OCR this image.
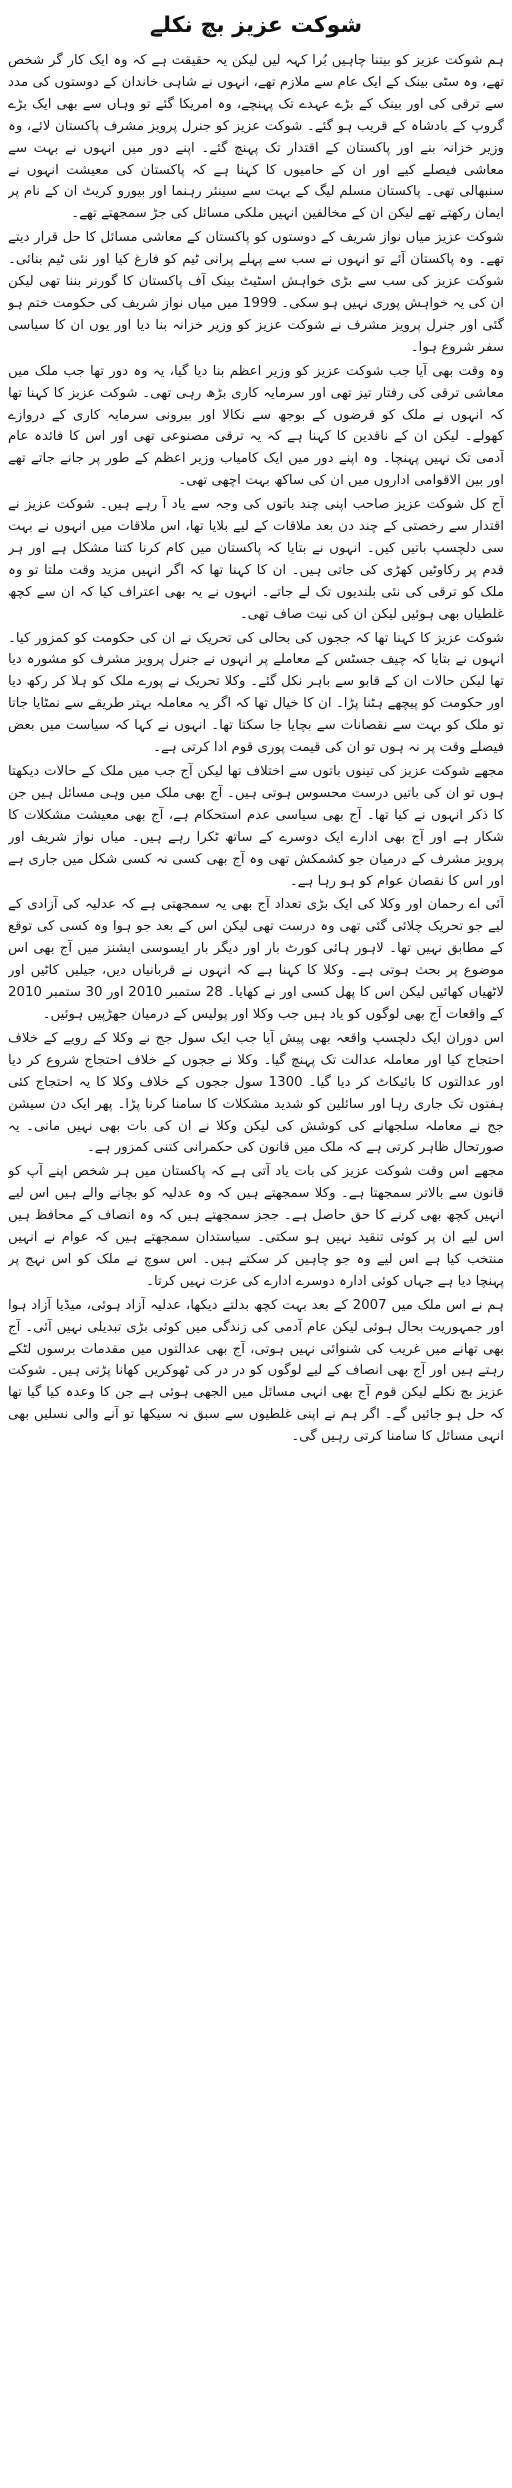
شوکت عزیز بچ نکلے

ہم شوکت عزیز کو بیتنا چاہیں بُرا کہہ لیں لیکن یہ حقیقت ہے کہ وہ ایک کار گر شخص تھے، وہ سٹی بینک کے ایک عام سے ملازم تھے، انہوں نے شاہی خاندان کے دوستوں کی مدد سے ترقی کی اور بینک کے بڑے عہدے تک پہنچے، وہ امریکا گئے تو وہاں سے بھی ایک بڑے گروپ کے بادشاہ کے قریب ہو گئے۔ شوکت عزیز کو جنرل پرویز مشرف پاکستان لائے، وہ وزیر خزانہ بنے اور پاکستان کے اقتدار تک پہنچ گئے۔ اپنے دور میں انہوں نے بہت سے معاشی فیصلے کیے اور ان کے حامیوں کا کہنا ہے کہ پاکستان کی معیشت انہوں نے سنبھالی تھی۔ پاکستان مسلم لیگ کے بہت سے سینئر رہنما اور بیورو کریٹ ان کے نام پر ایمان رکھتے تھے لیکن ان کے مخالفین انہیں ملکی مسائل کی جڑ سمجھتے تھے۔

شوکت عزیز میاں نواز شریف کے دوستوں کو پاکستان کے معاشی مسائل کا حل قرار دیتے تھے۔ وہ پاکستان آئے تو انہوں نے سب سے پہلے پرانی ٹیم کو فارغ کیا اور نئی ٹیم بنائی۔ شوکت عزیز کی سب سے بڑی خواہش اسٹیٹ بینک آف پاکستان کا گورنر بننا تھی لیکن ان کی یہ خواہش پوری نہیں ہو سکی۔ 1999 میں میاں نواز شریف کی حکومت ختم ہو گئی اور جنرل پرویز مشرف نے شوکت عزیز کو وزیر خزانہ بنا دیا اور یوں ان کا سیاسی سفر شروع ہوا۔

وہ وقت بھی آیا جب شوکت عزیز کو وزیر اعظم بنا دیا گیا، یہ وہ دور تھا جب ملک میں معاشی ترقی کی رفتار تیز تھی اور سرمایہ کاری بڑھ رہی تھی۔ شوکت عزیز کا کہنا تھا کہ انہوں نے ملک کو قرضوں کے بوجھ سے نکالا اور بیرونی سرمایہ کاری کے دروازے کھولے۔ لیکن ان کے ناقدین کا کہنا ہے کہ یہ ترقی مصنوعی تھی اور اس کا فائدہ عام آدمی تک نہیں پہنچا۔ وہ اپنے دور میں ایک کامیاب وزیر اعظم کے طور پر جانے جاتے تھے اور بین الاقوامی اداروں میں ان کی ساکھ بہت اچھی تھی۔

آج کل شوکت عزیز صاحب اپنی چند باتوں کی وجہ سے یاد آ رہے ہیں۔ شوکت عزیز نے اقتدار سے رخصتی کے چند دن بعد ملاقات کے لیے بلایا تھا، اس ملاقات میں انہوں نے بہت سی دلچسپ باتیں کیں۔ انہوں نے بتایا کہ پاکستان میں کام کرنا کتنا مشکل ہے اور ہر قدم پر رکاوٹیں کھڑی کی جاتی ہیں۔ ان کا کہنا تھا کہ اگر انہیں مزید وقت ملتا تو وہ ملک کو ترقی کی نئی بلندیوں تک لے جاتے۔ انہوں نے یہ بھی اعتراف کیا کہ ان سے کچھ غلطیاں بھی ہوئیں لیکن ان کی نیت صاف تھی۔

شوکت عزیز کا کہنا تھا کہ ججوں کی بحالی کی تحریک نے ان کی حکومت کو کمزور کیا۔ انہوں نے بتایا کہ چیف جسٹس کے معاملے پر انہوں نے جنرل پرویز مشرف کو مشورہ دیا تھا لیکن حالات ان کے قابو سے باہر نکل گئے۔ وکلا تحریک نے پورے ملک کو ہلا کر رکھ دیا اور حکومت کو پیچھے ہٹنا پڑا۔ ان کا خیال تھا کہ اگر یہ معاملہ بہتر طریقے سے نمٹایا جاتا تو ملک کو بہت سے نقصانات سے بچایا جا سکتا تھا۔ انہوں نے کہا کہ سیاست میں بعض فیصلے وقت پر نہ ہوں تو ان کی قیمت پوری قوم ادا کرتی ہے۔

مجھے شوکت عزیز کی تینوں باتوں سے اختلاف تھا لیکن آج جب میں ملک کے حالات دیکھتا ہوں تو ان کی باتیں درست محسوس ہوتی ہیں۔ آج بھی ملک میں وہی مسائل ہیں جن کا ذکر انہوں نے کیا تھا۔ آج بھی سیاسی عدم استحکام ہے، آج بھی معیشت مشکلات کا شکار ہے اور آج بھی ادارے ایک دوسرے کے ساتھ ٹکرا رہے ہیں۔ میاں نواز شریف اور پرویز مشرف کے درمیان جو کشمکش تھی وہ آج بھی کسی نہ کسی شکل میں جاری ہے اور اس کا نقصان عوام کو ہو رہا ہے۔

آئی اے رحمان اور وکلا کی ایک بڑی تعداد آج بھی یہ سمجھتی ہے کہ عدلیہ کی آزادی کے لیے جو تحریک چلائی گئی تھی وہ درست تھی لیکن اس کے بعد جو ہوا وہ کسی کی توقع کے مطابق نہیں تھا۔ لاہور ہائی کورٹ بار اور دیگر بار ایسوسی ایشنز میں آج بھی اس موضوع پر بحث ہوتی ہے۔ وکلا کا کہنا ہے کہ انہوں نے قربانیاں دیں، جیلیں کاٹیں اور لاٹھیاں کھائیں لیکن اس کا پھل کسی اور نے کھایا۔ 28 ستمبر 2010 اور 30 ستمبر 2010 کے واقعات آج بھی لوگوں کو یاد ہیں جب وکلا اور پولیس کے درمیان جھڑپیں ہوئیں۔

اس دوران ایک دلچسپ واقعہ بھی پیش آیا جب ایک سول جج نے وکلا کے رویے کے خلاف احتجاج کیا اور معاملہ عدالت تک پہنچ گیا۔ وکلا نے ججوں کے خلاف احتجاج شروع کر دیا اور عدالتوں کا بائیکاٹ کر دیا گیا۔ 1300 سول ججوں کے خلاف وکلا کا یہ احتجاج کئی ہفتوں تک جاری رہا اور سائلین کو شدید مشکلات کا سامنا کرنا پڑا۔ پھر ایک دن سیشن جج نے معاملہ سلجھانے کی کوشش کی لیکن وکلا نے ان کی بات بھی نہیں مانی۔ یہ صورتحال ظاہر کرتی ہے کہ ملک میں قانون کی حکمرانی کتنی کمزور ہے۔

مجھے اس وقت شوکت عزیز کی بات یاد آتی ہے کہ پاکستان میں ہر شخص اپنے آپ کو قانون سے بالاتر سمجھتا ہے۔ وکلا سمجھتے ہیں کہ وہ عدلیہ کو بچانے والے ہیں اس لیے انہیں کچھ بھی کرنے کا حق حاصل ہے۔ ججز سمجھتے ہیں کہ وہ انصاف کے محافظ ہیں اس لیے ان پر کوئی تنقید نہیں ہو سکتی۔ سیاستدان سمجھتے ہیں کہ عوام نے انہیں منتخب کیا ہے اس لیے وہ جو چاہیں کر سکتے ہیں۔ اس سوچ نے ملک کو اس نہج پر پہنچا دیا ہے جہاں کوئی ادارہ دوسرے ادارے کی عزت نہیں کرتا۔

ہم نے اس ملک میں 2007 کے بعد بہت کچھ بدلتے دیکھا، عدلیہ آزاد ہوئی، میڈیا آزاد ہوا اور جمہوریت بحال ہوئی لیکن عام آدمی کی زندگی میں کوئی بڑی تبدیلی نہیں آئی۔ آج بھی تھانے میں غریب کی شنوائی نہیں ہوتی، آج بھی عدالتوں میں مقدمات برسوں لٹکے رہتے ہیں اور آج بھی انصاف کے لیے لوگوں کو در در کی ٹھوکریں کھانا پڑتی ہیں۔ شوکت عزیز بچ نکلے لیکن قوم آج بھی انہی مسائل میں الجھی ہوئی ہے جن کا وعدہ کیا گیا تھا کہ حل ہو جائیں گے۔ اگر ہم نے اپنی غلطیوں سے سبق نہ سیکھا تو آنے والی نسلیں بھی انہی مسائل کا سامنا کرتی رہیں گی۔
